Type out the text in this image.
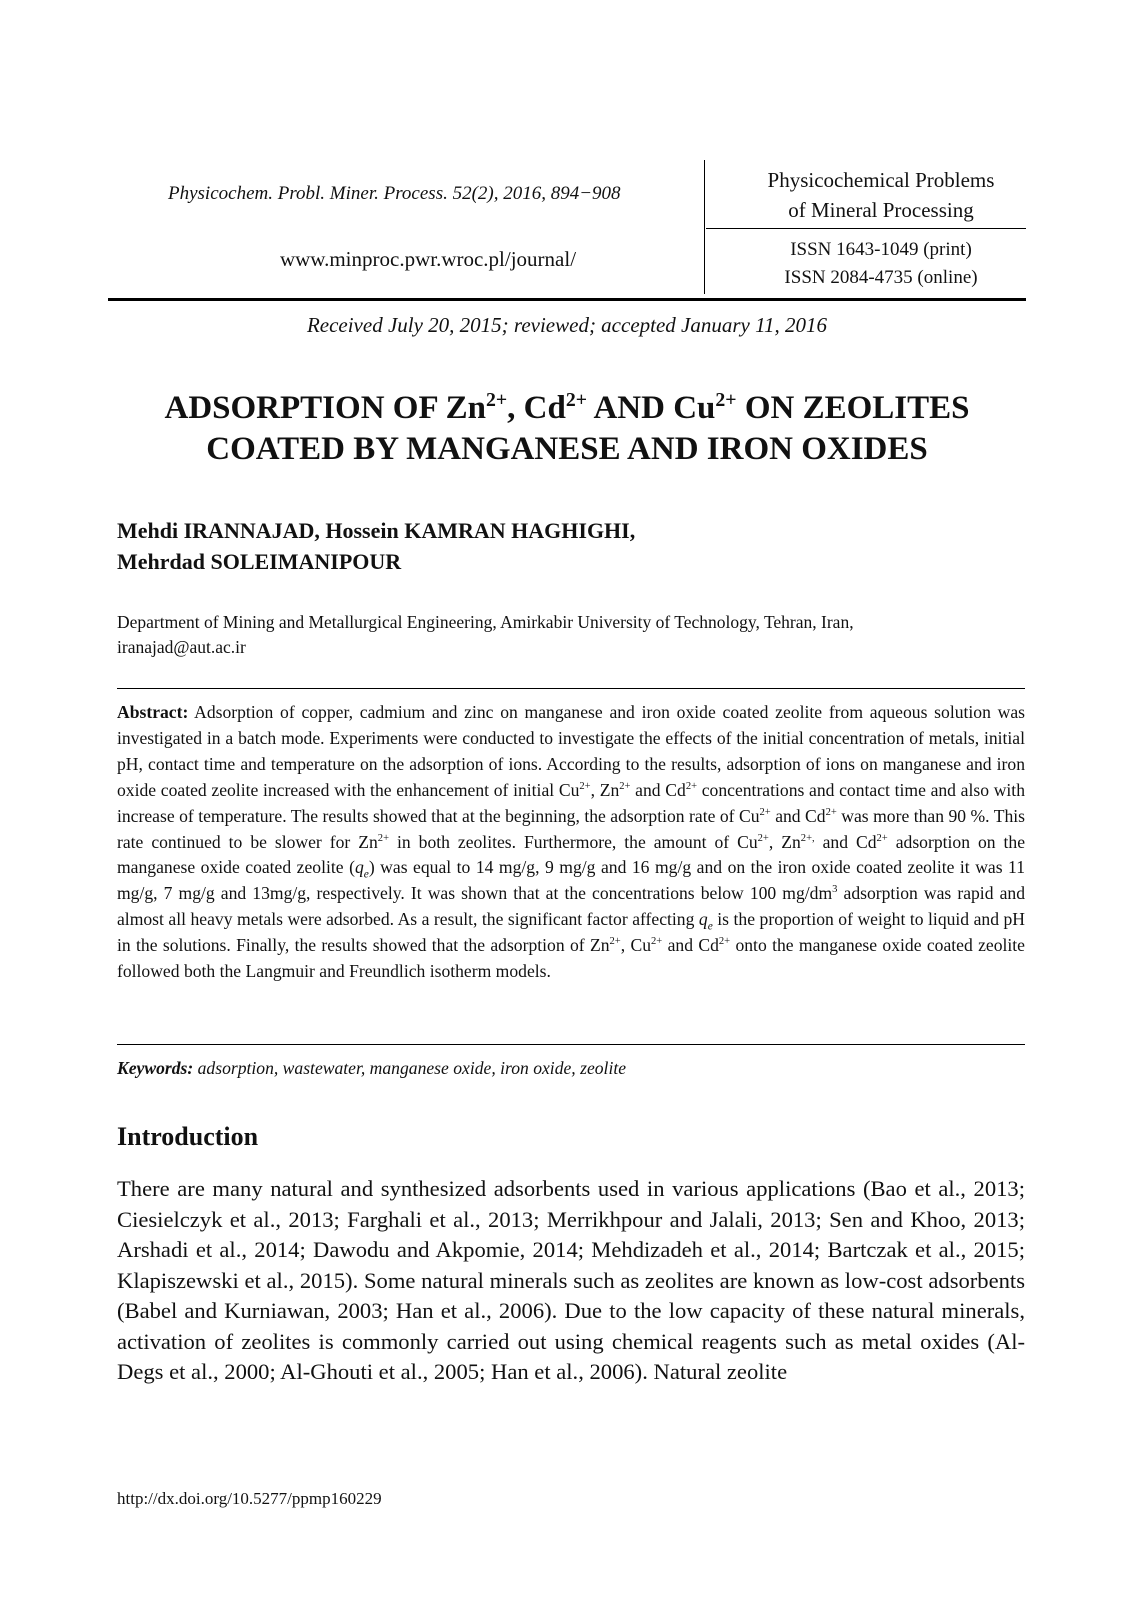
Physicochem. Probl. Miner. Process. 52(2), 2016, 894−908
www.minproc.pwr.wroc.pl/journal/
Physicochemical Problems
of Mineral Processing
ISSN 1643-1049 (print)
ISSN 2084-4735 (online)
Received July 20, 2015; reviewed; accepted January 11, 2016
ADSORPTION OF $Zn^{2+}$, $Cd^{2+}$ AND $Cu^{2+}$ ON ZEOLITES
COATED BY MANGANESE AND IRON OXIDES
Mehdi IRANNAJAD, Hossein KAMRAN HAGHIGHI,
Mehrdad SOLEIMANIPOUR
Department of Mining and Metallurgical Engineering, Amirkabir University of Technology, Tehran, Iran,
iranajad@aut.ac.ir
Abstract: Adsorption of copper, cadmium and zinc on manganese and iron oxide coated zeolite from aqueous solution was investigated in a batch mode. Experiments were conducted to investigate the effects of the initial concentration of metals, initial pH, contact time and temperature on the adsorption of ions. According to the results, adsorption of ions on manganese and iron oxide coated zeolite increased with the enhancement of initial $Cu^{2+}$, $Zn^{2+}$ and $Cd^{2+}$ concentrations and contact time and also with increase of temperature. The results showed that at the beginning, the adsorption rate of $Cu^{2+}$ and $Cd^{2+}$ was more than 90 %. This rate continued to be slower for $Zn^{2+}$ in both zeolites. Furthermore, the amount of $Cu^{2+}$, $Zn^{2+,}$ and $Cd^{2+}$ adsorption on the manganese oxide coated zeolite $(q_e)$ was equal to 14 mg/g, 9 mg/g and 16 mg/g and on the iron oxide coated zeolite it was 11 mg/g, 7 mg/g and 13mg/g, respectively. It was shown that at the concentrations below 100 $mg/dm^3$ adsorption was rapid and almost all heavy metals were adsorbed. As a result, the significant factor affecting $q_e$ is the proportion of weight to liquid and pH in the solutions. Finally, the results showed that the adsorption of $Zn^{2+}$, $Cu^{2+}$ and $Cd^{2+}$ onto the manganese oxide coated zeolite followed both the Langmuir and Freundlich isotherm models.
Keywords: adsorption, wastewater, manganese oxide, iron oxide, zeolite
Introduction
There are many natural and synthesized adsorbents used in various applications (Bao et al., 2013; Ciesielczyk et al., 2013; Farghali et al., 2013; Merrikhpour and Jalali, 2013; Sen and Khoo, 2013; Arshadi et al., 2014; Dawodu and Akpomie, 2014; Mehdizadeh et al., 2014; Bartczak et al., 2015; Klapiszewski et al., 2015). Some natural minerals such as zeolites are known as low-cost adsorbents (Babel and Kurniawan, 2003; Han et al., 2006). Due to the low capacity of these natural minerals, activation of zeolites is commonly carried out using chemical reagents such as metal oxides (Al-Degs et al., 2000; Al-Ghouti et al., 2005; Han et al., 2006). Natural zeolite
http://dx.doi.org/10.5277/ppmp160229
